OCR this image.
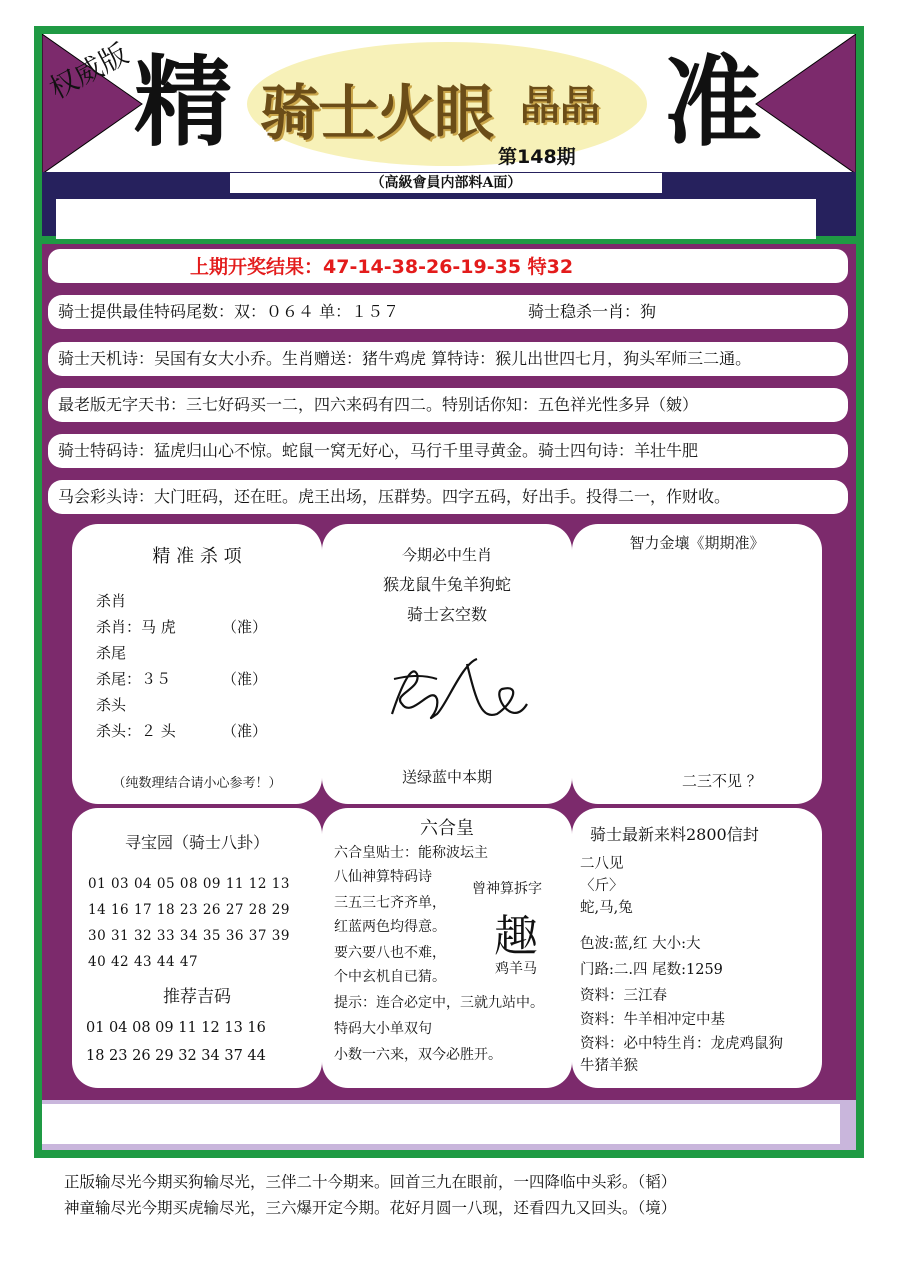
权威版 精 骑士火眼 晶晶 准
第148期
（高級會員内部料A面）
上期开奖结果：47-14-38-26-19-35 特32
骑士提供最佳特码尾数：双：０６４ 单：１５７	骑士稳杀一肖：狗
骑士天机诗：吴国有女大小乔。生肖赠送：猪牛鸡虎 算特诗：猴儿出世四七月，狗头军师三二通。
最老版无字天书：三七好码买一二，四六来码有四二。特别话你知：五色祥光性多异（皴）
骑士特码诗：猛虎归山心不惊。蛇鼠一窝无好心，马行千里寻黄金。骑士四句诗：羊壮牛肥
马会彩头诗：大门旺码，还在旺。虎王出场，压群势。四字五码，好出手。投得二一，作财收。
精 准 杀 项
杀肖
杀肖：马 虎	（准）
杀尾
杀尾：３５	（准）
杀头
杀头：２ 头	（准）
（纯数理结合请小心参考！）
今期必中生肖
猴龙鼠牛兔羊狗蛇
骑士玄空数
送绿蓝中本期
智力金壤《期期准》
二三不见 ？
寻宝园（骑士八卦）
01 03 04 05 08 09 11 12 13
14 16 17 18 23 26 27 28 29
30 31 32 33 34 35 36 37 39
40 42 43 44 47
推荐吉码
01 04 08 09 11 12 13 16
18 23 26 29 32 34 37 44
六合皇
六合皇贴士：能称波坛主
八仙神算特码诗
三五三七齐齐单，
红蓝两色均得意。
要六要八也不难，
个中玄机自已猜。
提示：连合必定中，三就九站中。
特码大小单双句
小数一六来，双今必胜开。
曾神算拆字
趣
鸡羊马
骑士最新来料2800信封
二八见
〈斤〉
蛇,马,兔
色波:蓝,红 大小:大
门路:二.四 尾数:1259
资料：三江春
资料：牛羊相冲定中基
资料：必中特生肖：龙虎鸡鼠狗
牛猪羊猴
正版输尽光今期买狗输尽光，三伴二十今期来。回首三九在眼前，一四降临中头彩。（韬）
神童输尽光今期买虎输尽光，三六爆开定今期。花好月圆一八现，还看四九又回头。（境）
